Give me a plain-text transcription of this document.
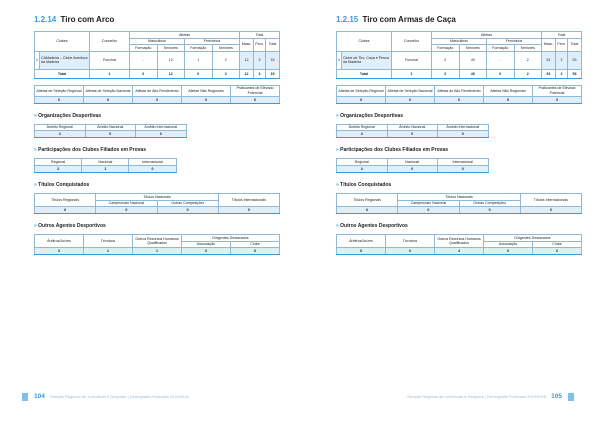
1.2.14 Tiro com Arco
Clubes		Concelho	Atletas				Total		
			Masculinos		Femininos		Masc.	Fem.	Total
			Formação	Seniores	Formação	Seniores			
1	CAMadeira – Clube Aventura da Madeira	Funchal	-	12	1	2	12	3	15
Total		1	0	12	0	2	12	3	15
Atletas de Seleção Regional	Atletas de Seleção Nacional	Atletas de Alto Rendimento	Atletas Não Regionais	Praticantes de Elevado Potencial
0	0	0	0	0
» Organizações Desportivas
Âmbito Regional	Âmbito Nacional	Âmbito Internacional
2	0	0
» Participações dos Clubes Filiados em Provas
Regional	Nacional	Internacional
2	1	0
» Títulos Conquistados
Títulos Regionais	Títulos Nacionais		Títulos Internacionais
	Campeonato Nacional	Outras Competições	
6	0	0	0
» Outros Agentes Desportivos
Árbitros/Juízes	Técnicos	Outros Recursos Humanos Qualificados	Dirigentes Destacados	
			Associação	Clube
0	1	1	0	0
104 Direção Regional de Juventude e Desporto | Demografia Federada 2015/2016
1.2.15 Tiro com Armas de Caça
Clubes		Concelho	Atletas				Total		
			Masculinos		Femininos		Masc.	Fem.	Total
			Formação	Seniores	Formação	Seniores			
1	Clube de Tiro, Caça e Pesca da Madeira	Funchal	2	49	-	2	51	2	53
Total		1	2	49	0	2	51	2	53
Atletas de Seleção Regional	Atletas de Seleção Nacional	Atletas de Alto Rendimento	Atletas Não Regionais	Praticantes de Elevado Potencial
0	0	0	5	0
» Organizações Desportivas
Âmbito Regional	Âmbito Nacional	Âmbito Internacional
4	0	0
» Participações dos Clubes Filiados em Provas
Regional	Nacional	Internacional
4	0	0
» Títulos Conquistados
Títulos Regionais	Títulos Nacionais		Títulos Internacionais
	Campeonato Nacional	Outras Competições	
6	0	0	0
» Outros Agentes Desportivos
Árbitros/Juízes	Técnicos	Outros Recursos Humanos Qualificados	Dirigentes Destacados	
			Associação	Clube
0	0	4	0	0
Direção Regional de Juventude e Desporto | Demografia Federada 2015/2016 105
